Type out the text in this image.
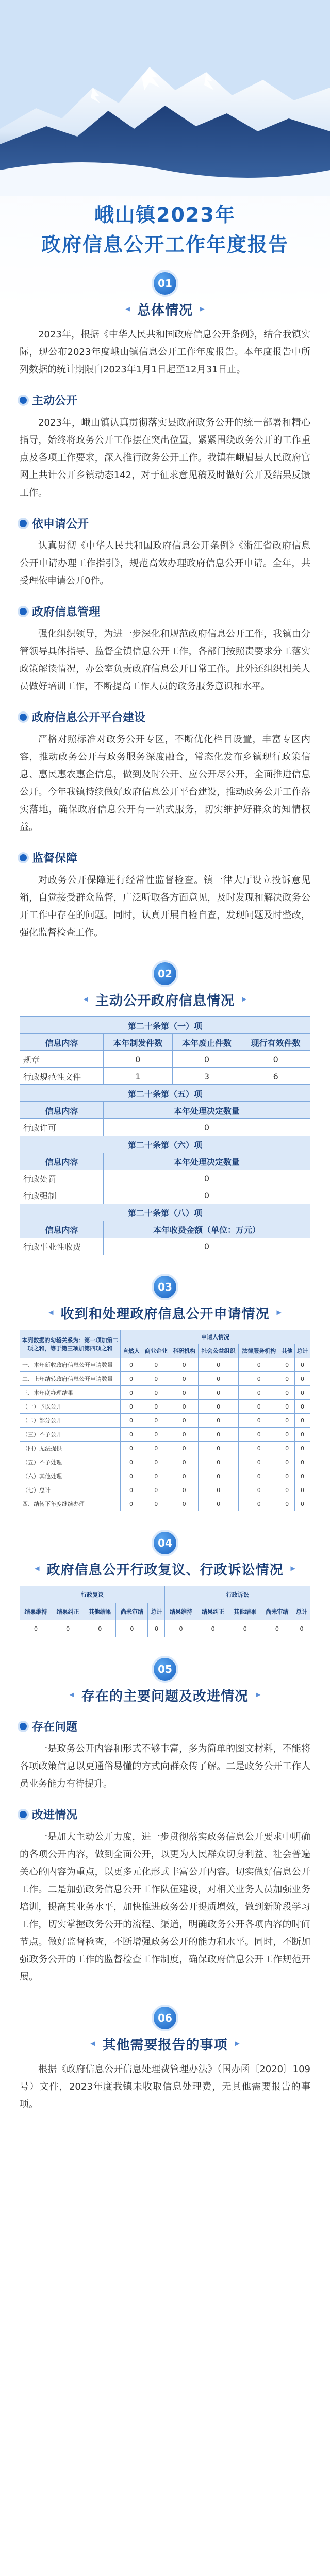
峨山镇2023年
政府信息公开工作年度报告
01
◀ 总体情况 ▶

2023年，根据《中华人民共和国政府信息公开条例》，结合我镇实际，现公布2023年度峨山镇信息公开工作年度报告。本年度报告中所列数据的统计期限自2023年1月1日起至12月31日止。

主动公开

2023年，峨山镇认真贯彻落实县政府政务公开的统一部署和精心指导，始终将政务公开工作摆在突出位置，紧紧围绕政务公开的工作重点及各项工作要求，深入推行政务公开工作。我镇在峨眉县人民政府官网上共计公开乡镇动态142，对于征求意见稿及时做好公开及结果反馈工作。

依申请公开

认真贯彻《中华人民共和国政府信息公开条例》《浙江省政府信息公开申请办理工作指引》，规范高效办理政府信息公开申请。全年，共受理依申请公开0件。

政府信息管理

强化组织领导，为进一步深化和规范政府信息公开工作，我镇由分管领导具体指导、监督全镇信息公开工作，各部门按照责要求分工落实政策解读情况，办公室负责政府信息公开日常工作。此外还组织相关人员做好培训工作，不断提高工作人员的政务服务意识和水平。

政府信息公开平台建设

严格对照标准对政务公开专区，不断优化栏目设置，丰富专区内容，推动政务公开与政务服务深度融合，常态化发布乡镇现行政策信息、惠民惠农惠企信息，做到及时公开、应公开尽公开，全面推进信息公开。今年我镇持续做好政府信息公开平台建设，推动政务公开工作落实落地，确保政府信息公开有一站式服务，切实维护好群众的知情权益。

监督保障

对政务公开保障进行经常性监督检查。镇一律大厅设立投诉意见箱，自觉接受群众监督，广泛听取各方面意见，及时发现和解决政务公开工作中存在的问题。同时，认真开展自检自查，发现问题及时整改，强化监督检查工作。

02
◀ 主动公开政府信息情况 ▶
第二十条第（一）项			
信息内容	本年制发件数	本年废止件数	现行有效件数
规章	0	0	0
行政规范性文件	1	3	6
第二十条第（五）项			
信息内容	本年处理决定数量		
行政许可	0		
第二十条第（六）项			
信息内容	本年处理决定数量		
行政处罚	0		
行政强制	0		
第二十条第（八）项			
信息内容	本年收费金额（单位：万元）		
行政事业性收费	0		
03
◀ 收到和处理政府信息公开申请情况 ▶
本列数据的勾稽关系为：第一项加第二项之和，等于第三项加第四项之和	申请人情况						
	自然人	商业企业	科研机构	社会公益组织	法律服务机构	其他	总计
一、本年新收政府信息公开申请数量	0	0	0	0	0	0	0
二、上年结转政府信息公开申请数量	0	0	0	0	0	0	0
三、本年度办理结果	0	0	0	0	0	0	0
（一）予以公开	0	0	0	0	0	0	0
（二）部分公开	0	0	0	0	0	0	0
（三）不予公开	0	0	0	0	0	0	0
（四）无法提供	0	0	0	0	0	0	0
（五）不予处理	0	0	0	0	0	0	0
（六）其他处理	0	0	0	0	0	0	0
（七）总计	0	0	0	0	0	0	0
四、结转下年度继续办理	0	0	0	0	0	0	0
04
◀ 政府信息公开行政复议、行政诉讼情况 ▶
行政复议					行政诉讼				
结果维持	结果纠正	其他结果	尚未审结	总计	结果维持	结果纠正	其他结果	尚未审结	总计
0	0	0	0	0	0	0	0	0	0
05
◀ 存在的主要问题及改进情况 ▶
存在问题

一是政务公开内容和形式不够丰富，多为简单的图文材料，不能将各项政策信息以更通俗易懂的方式向群众传了解。二是政务公开工作人员业务能力有待提升。

改进情况

一是加大主动公开力度，进一步贯彻落实政务信息公开要求中明确的各项公开内容，做到全面公开，以更为人民群众切身利益、社会普遍关心的内容为重点，以更多元化形式丰富公开内容。切实做好信息公开工作。二是加强政务信息公开工作队伍建设，对相关业务人员加强业务培训，提高其业务水平，加快推进政务公开提质增效，做到新阶段学习工作，切实掌握政务公开的流程、渠道，明确政务公开各项内容的时间节点。做好监督检查，不断增强政务公开的能力和水平。同时，不断加强政务公开的工作的监督检查工作制度，确保政府信息公开工作规范开展。

06
◀ 其他需要报告的事项 ▶

根据《政府信息公开信息处理费管理办法》（国办函〔2020〕109号）文件，2023年度我镇未收取信息处理费，无其他需要报告的事项。
